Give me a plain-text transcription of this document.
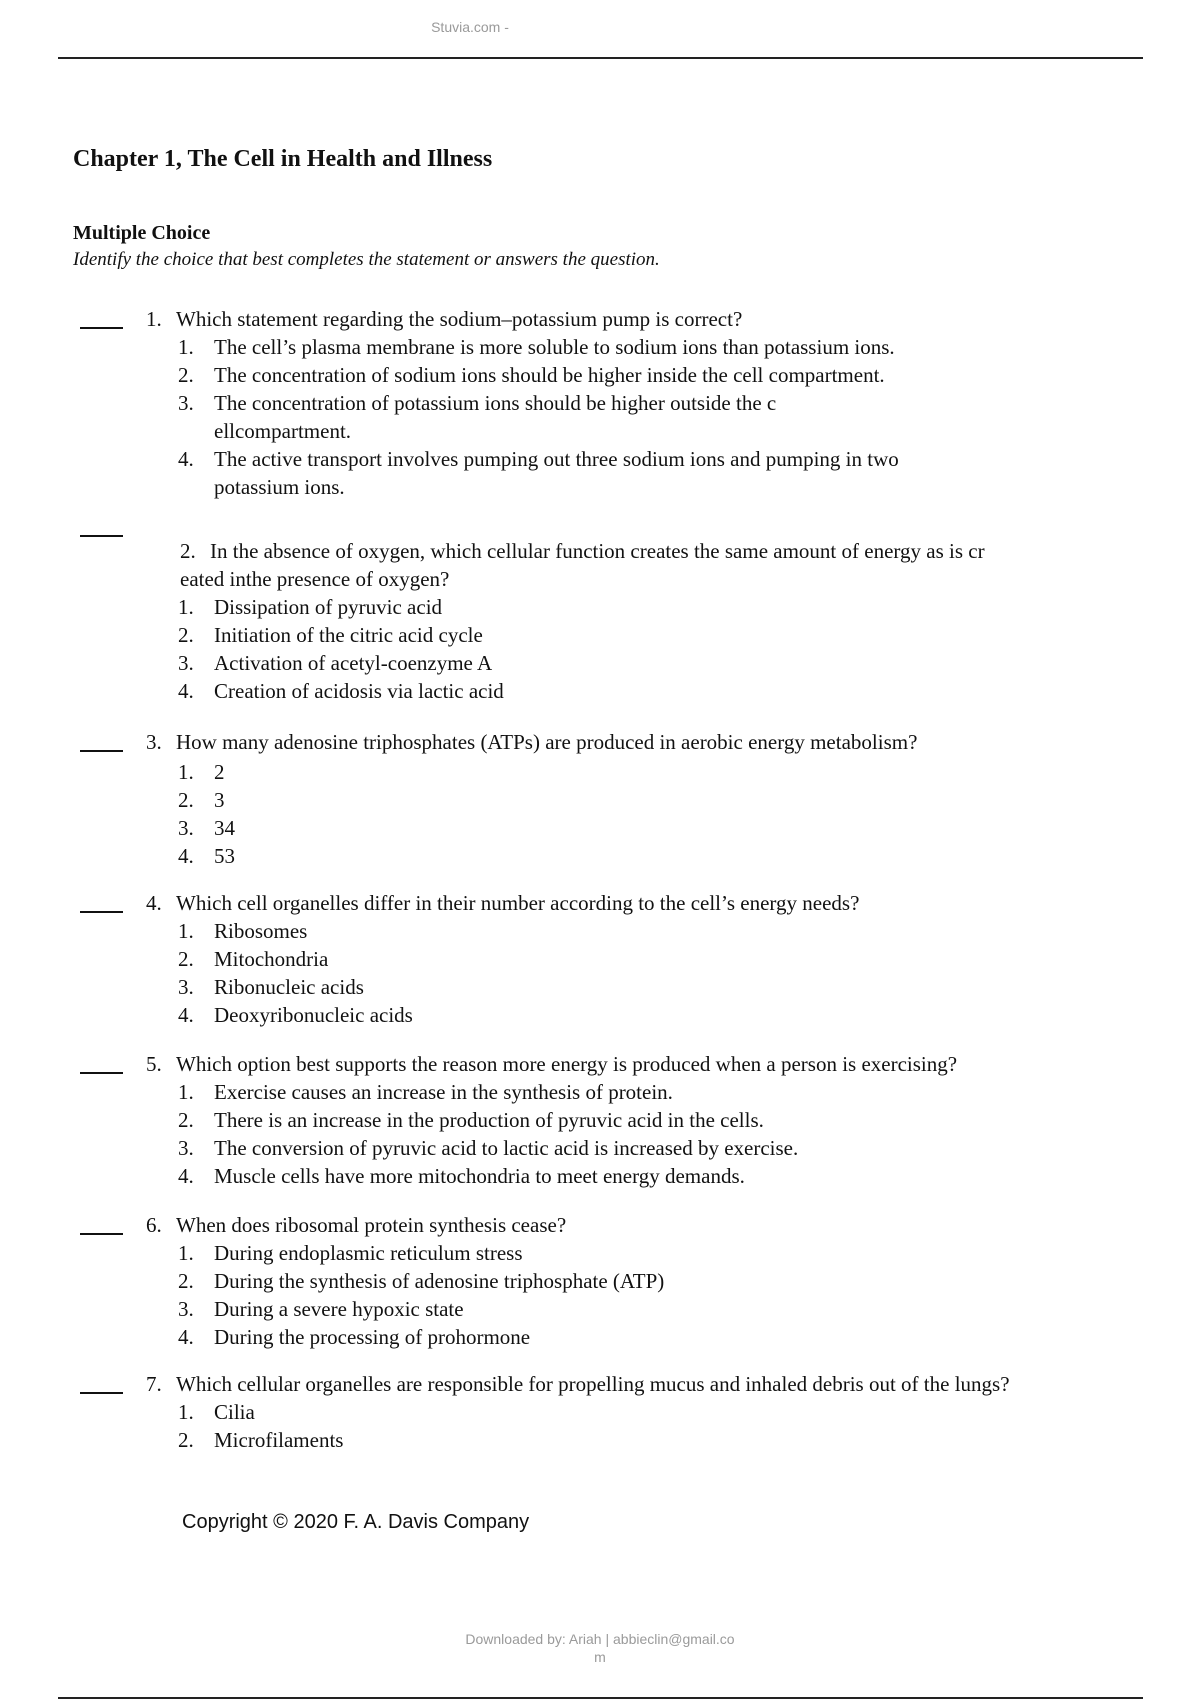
Stuvia.com -
Chapter 1, The Cell in Health and Illness
Multiple Choice
Identify the choice that best completes the statement or answers the question.
1. Which statement regarding the sodium–potassium pump is correct?
1. The cell’s plasma membrane is more soluble to sodium ions than potassium ions.
2. The concentration of sodium ions should be higher inside the cell compartment.
3. The concentration of potassium ions should be higher outside the c
ellcompartment.
4. The active transport involves pumping out three sodium ions and pumping in two
potassium ions.
2. In the absence of oxygen, which cellular function creates the same amount of energy as is cr
eated inthe presence of oxygen?
1. Dissipation of pyruvic acid
2. Initiation of the citric acid cycle
3. Activation of acetyl-coenzyme A
4. Creation of acidosis via lactic acid
3. How many adenosine triphosphates (ATPs) are produced in aerobic energy metabolism?
1. 2
2. 3
3. 34
4. 53
4. Which cell organelles differ in their number according to the cell’s energy needs?
1. Ribosomes
2. Mitochondria
3. Ribonucleic acids
4. Deoxyribonucleic acids
5. Which option best supports the reason more energy is produced when a person is exercising?
1. Exercise causes an increase in the synthesis of protein.
2. There is an increase in the production of pyruvic acid in the cells.
3. The conversion of pyruvic acid to lactic acid is increased by exercise.
4. Muscle cells have more mitochondria to meet energy demands.
6. When does ribosomal protein synthesis cease?
1. During endoplasmic reticulum stress
2. During the synthesis of adenosine triphosphate (ATP)
3. During a severe hypoxic state
4. During the processing of prohormone
7. Which cellular organelles are responsible for propelling mucus and inhaled debris out of the lungs?
1. Cilia
2. Microfilaments
Copyright © 2020 F. A. Davis Company
Downloaded by: Ariah | abbieclin@gmail.co
m
